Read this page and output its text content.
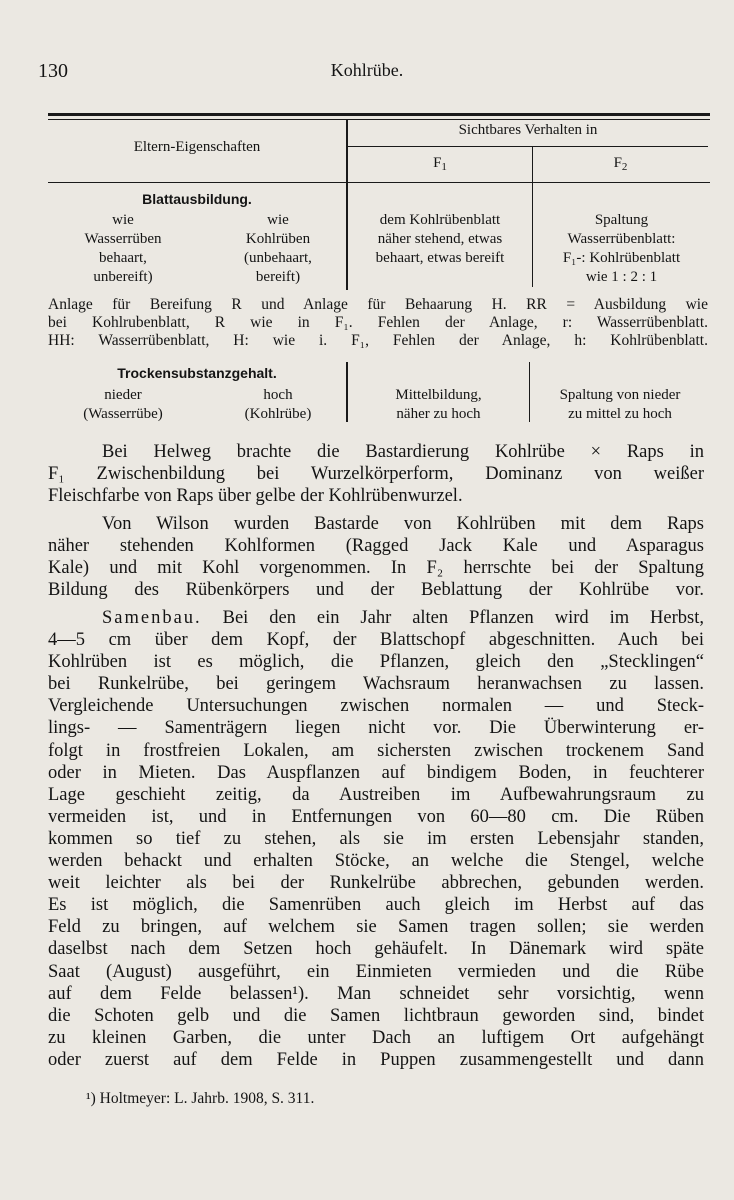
130	Kohlrübe.
Eltern-Eigenschaften
Sichtbares Verhalten in
$F_1$	$F_2$
Blattausbildung.
wie
Wasserrüben
behaart,
unbereift)
wie
Kohlrüben
(unbehaart,
bereift)
dem Kohlrübenblatt
näher stehend, etwas
behaart, etwas bereift
Spaltung
Wasserrübenblatt:
F₁-: Kohlrübenblatt
wie 1 : 2 : 1
Anlage für Bereifung R und Anlage für Behaarung H. RR = Ausbildung wie
bei Kohlrubenblatt, R wie in F₁. Fehlen der Anlage, r: Wasserrübenblatt.
HH: Wasserrübenblatt, H: wie i. F₁, Fehlen der Anlage, h: Kohlrübenblatt.
Trockensubstanzgehalt.
nieder
(Wasserrübe)
hoch
(Kohlrübe)
Mittelbildung,
näher zu hoch
Spaltung von nieder
zu mittel zu hoch
Bei Helweg brachte die Bastardierung Kohlrübe × Raps in
F₁ Zwischenbildung bei Wurzelkörperform, Dominanz von weißer
Fleischfarbe von Raps über gelbe der Kohlrübenwurzel.
Von Wilson wurden Bastarde von Kohlrüben mit dem Raps
näher stehenden Kohlformen (Ragged Jack Kale und Asparagus
Kale) und mit Kohl vorgenommen. In F₂ herrschte bei der Spaltung
Bildung des Rübenkörpers und der Beblattung der Kohlrübe vor.
Samenbau. Bei den ein Jahr alten Pflanzen wird im Herbst,
4—5 cm über dem Kopf, der Blattschopf abgeschnitten. Auch bei
Kohlrüben ist es möglich, die Pflanzen, gleich den „Stecklingen“
bei Runkelrübe, bei geringem Wachsraum heranwachsen zu lassen.
Vergleichende Untersuchungen zwischen normalen — und Steck-
lings- — Samenträgern liegen nicht vor. Die Überwinterung er-
folgt in frostfreien Lokalen, am sichersten zwischen trockenem Sand
oder in Mieten. Das Auspflanzen auf bindigem Boden, in feuchterer
Lage geschieht zeitig, da Austreiben im Aufbewahrungsraum zu
vermeiden ist, und in Entfernungen von 60—80 cm. Die Rüben
kommen so tief zu stehen, als sie im ersten Lebensjahr standen,
werden behackt und erhalten Stöcke, an welche die Stengel, welche
weit leichter als bei der Runkelrübe abbrechen, gebunden werden.
Es ist möglich, die Samenrüben auch gleich im Herbst auf das
Feld zu bringen, auf welchem sie Samen tragen sollen; sie werden
daselbst nach dem Setzen hoch gehäufelt. In Dänemark wird späte
Saat (August) ausgeführt, ein Einmieten vermieden und die Rübe
auf dem Felde belassen¹). Man schneidet sehr vorsichtig, wenn
die Schoten gelb und die Samen lichtbraun geworden sind, bindet
zu kleinen Garben, die unter Dach an luftigem Ort aufgehängt
oder zuerst auf dem Felde in Puppen zusammengestellt und dann
¹) Holtmeyer: L. Jahrb. 1908, S. 311.
